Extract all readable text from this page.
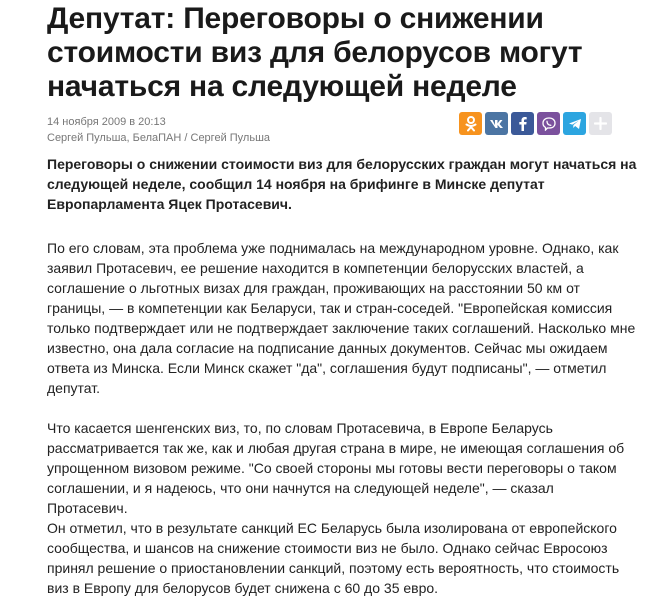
Депутат: Переговоры о снижении стоимости виз для белорусов могут начаться на следующей неделе
14 ноября 2009 в 20:13
Сергей Пульша, БелаПАН / Сергей Пульша

Переговоры о снижении стоимости виз для белорусских граждан могут начаться на следующей неделе, сообщил 14 ноября на брифинге в Минске депутат Европарламента Яцек Протасевич.

По его словам, эта проблема уже поднималась на международном уровне. Однако, как заявил Протасевич, ее решение находится в компетенции белорусских властей, а соглашение о льготных визах для граждан, проживающих на расстоянии 50 км от границы, — в компетенции как Беларуси, так и стран-соседей. "Европейская комиссия только подтверждает или не подтверждает заключение таких соглашений. Насколько мне известно, она дала согласие на подписание данных документов. Сейчас мы ожидаем ответа из Минска. Если Минск скажет "да", соглашения будут подписаны", — отметил депутат.

Что касается шенгенских виз, то, по словам Протасевича, в Европе Беларусь рассматривается так же, как и любая другая страна в мире, не имеющая соглашения об упрощенном визовом режиме. "Со своей стороны мы готовы вести переговоры о таком соглашении, и я надеюсь, что они начнутся на следующей неделе", — сказал Протасевич.

Он отметил, что в результате санкций ЕС Беларусь была изолирована от европейского сообщества, и шансов на снижение стоимости виз не было. Однако сейчас Евросоюз принял решение о приостановлении санкций, поэтому есть вероятность, что стоимость виз в Европу для белорусов будет снижена с 60 до 35 евро.
